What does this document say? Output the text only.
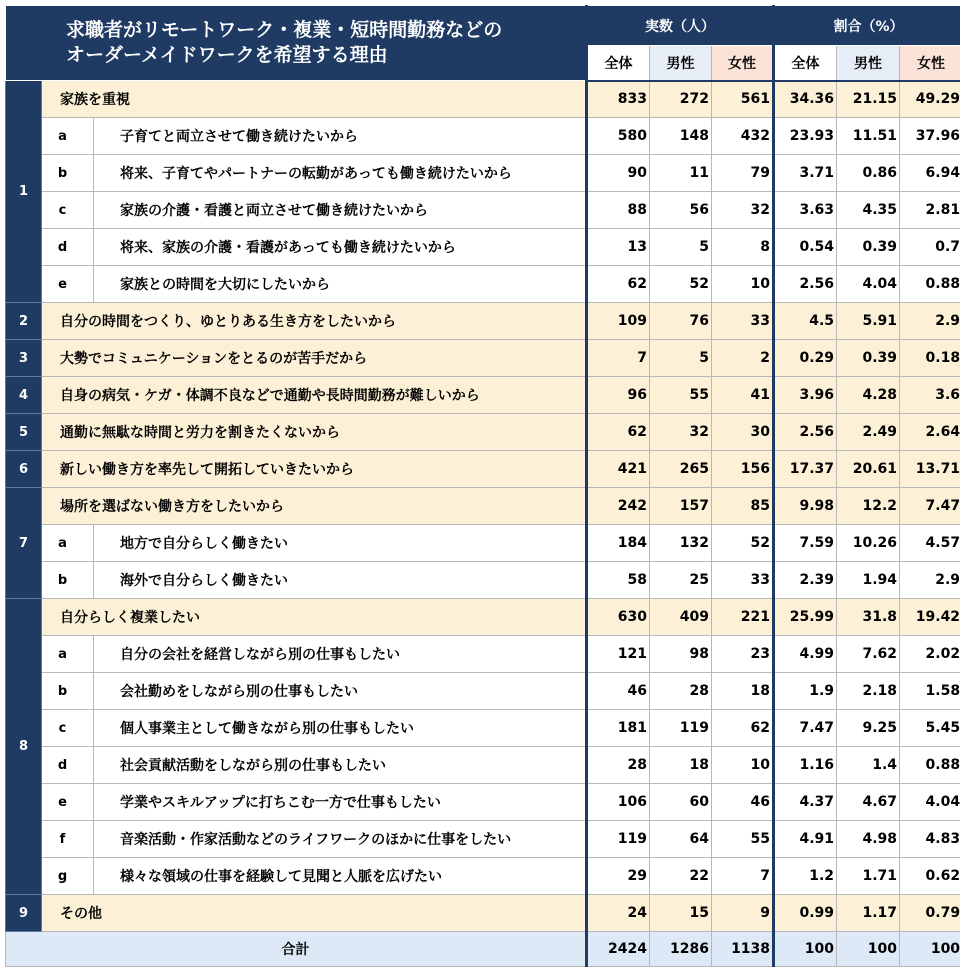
求職者がリモートワーク・複業・短時間勤務などの
オーダーメイドワークを希望する理由			実数（人）			割合（%）		
			全体	男性	女性	全体	男性	女性
1	家族を重視		833	272	561	34.36	21.15	49.29
	a	子育てと両立させて働き続けたいから	580	148	432	23.93	11.51	37.96
	b	将来、子育てやパートナーの転勤があっても働き続けたいから	90	11	79	3.71	0.86	6.94
	c	家族の介護・看護と両立させて働き続けたいから	88	56	32	3.63	4.35	2.81
	d	将来、家族の介護・看護があっても働き続けたいから	13	5	8	0.54	0.39	0.7
	e	家族との時間を大切にしたいから	62	52	10	2.56	4.04	0.88
2	自分の時間をつくり、ゆとりある生き方をしたいから		109	76	33	4.5	5.91	2.9
3	大勢でコミュニケーションをとるのが苦手だから		7	5	2	0.29	0.39	0.18
4	自身の病気・ケガ・体調不良などで通勤や長時間勤務が難しいから		96	55	41	3.96	4.28	3.6
5	通勤に無駄な時間と労力を割きたくないから		62	32	30	2.56	2.49	2.64
6	新しい働き方を率先して開拓していきたいから		421	265	156	17.37	20.61	13.71
7	場所を選ばない働き方をしたいから		242	157	85	9.98	12.2	7.47
	a	地方で自分らしく働きたい	184	132	52	7.59	10.26	4.57
	b	海外で自分らしく働きたい	58	25	33	2.39	1.94	2.9
8	自分らしく複業したい		630	409	221	25.99	31.8	19.42
	a	自分の会社を経営しながら別の仕事もしたい	121	98	23	4.99	7.62	2.02
	b	会社勤めをしながら別の仕事もしたい	46	28	18	1.9	2.18	1.58
	c	個人事業主として働きながら別の仕事もしたい	181	119	62	7.47	9.25	5.45
	d	社会貢献活動をしながら別の仕事もしたい	28	18	10	1.16	1.4	0.88
	e	学業やスキルアップに打ちこむ一方で仕事もしたい	106	60	46	4.37	4.67	4.04
	f	音楽活動・作家活動などのライフワークのほかに仕事をしたい	119	64	55	4.91	4.98	4.83
	g	様々な領域の仕事を経験して見聞と人脈を広げたい	29	22	7	1.2	1.71	0.62
9	その他		24	15	9	0.99	1.17	0.79
合計			2424	1286	1138	100	100	100
